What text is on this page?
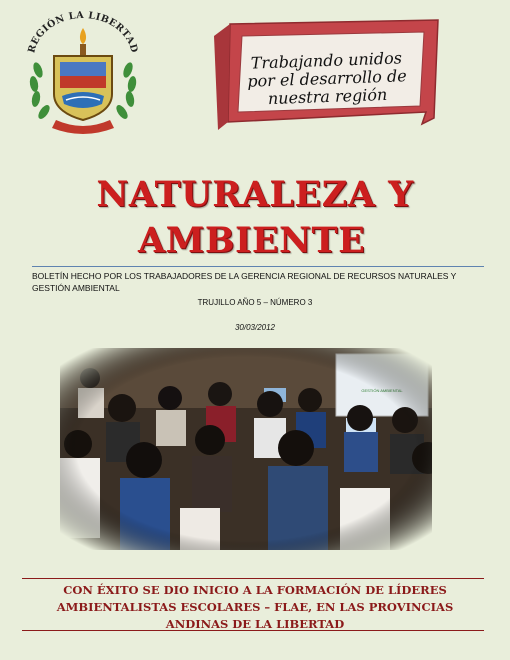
REGIÓN LA LIBERTAD	Trabajando unidos
por el desarrollo de
nuestra región
NATURALEZA Y
AMBIENTE
BOLETÍN HECHO POR LOS TRABAJADORES DE LA GERENCIA REGIONAL DE RECURSOS NATURALES Y GESTIÓN AMBIENTAL
TRUJILLO AÑO 5 – NÚMERO 3
30/03/2012
CON ÉXITO SE DIO INICIO A LA FORMACIÓN DE LÍDERES AMBIENTALISTAS ESCOLARES – FLAE, EN LAS PROVINCIAS ANDINAS DE LA LIBERTAD
